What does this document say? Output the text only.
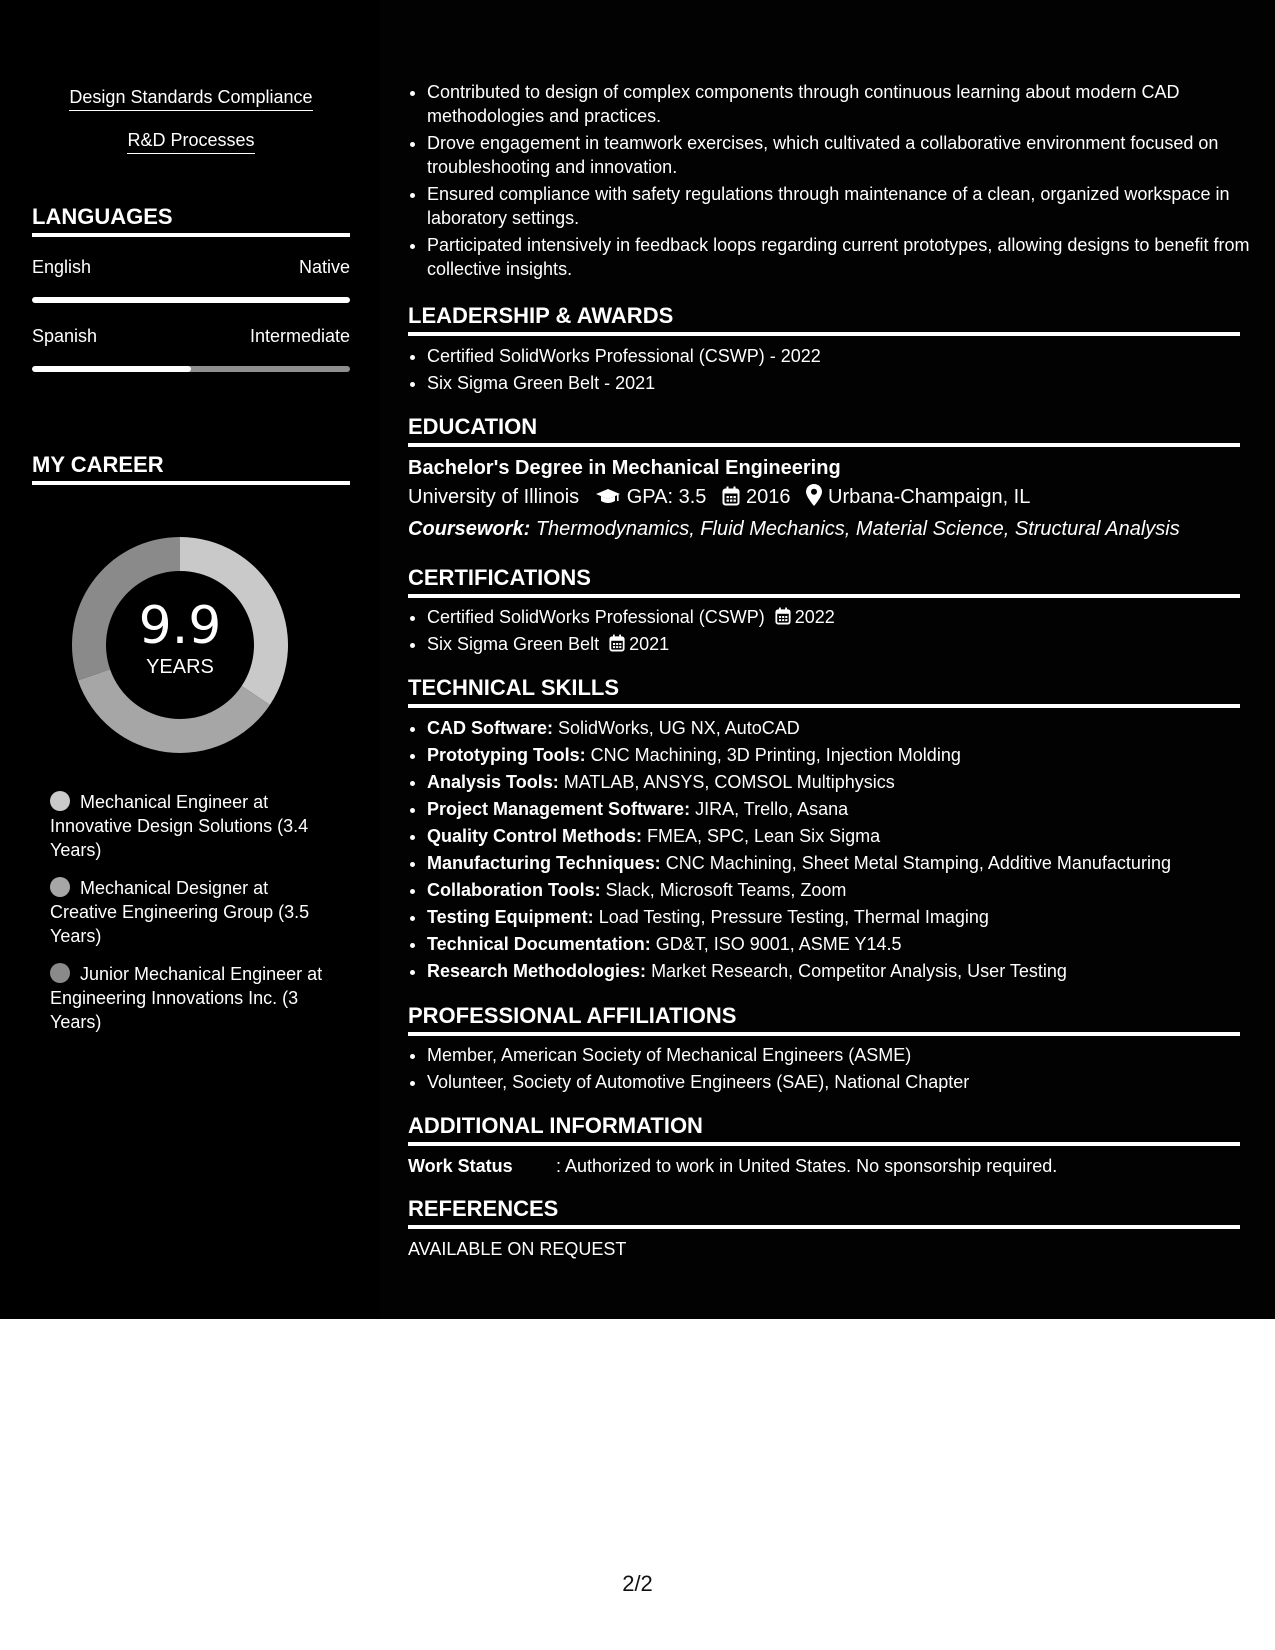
Design Standards Compliance
R&D Processes
LANGUAGES
English	Native
Spanish	Intermediate
MY CAREER
9.9
YEARS
Mechanical Engineer at Innovative Design Solutions (3.4 Years)
Mechanical Designer at Creative Engineering Group (3.5 Years)
Junior Mechanical Engineer at Engineering Innovations Inc. (3 Years)
• Contributed to design of complex components through continuous learning about modern CAD methodologies and practices.
• Drove engagement in teamwork exercises, which cultivated a collaborative environment focused on troubleshooting and innovation.
• Ensured compliance with safety regulations through maintenance of a clean, organized workspace in laboratory settings.
• Participated intensively in feedback loops regarding current prototypes, allowing designs to benefit from collective insights.
LEADERSHIP & AWARDS
• Certified SolidWorks Professional (CSWP) - 2022
• Six Sigma Green Belt - 2021
EDUCATION
Bachelor's Degree in Mechanical Engineering
University of Illinois GPA: 3.5 2016 Urbana-Champaign, IL
Coursework: Thermodynamics, Fluid Mechanics, Material Science, Structural Analysis
CERTIFICATIONS
• Certified SolidWorks Professional (CSWP) 2022
• Six Sigma Green Belt 2021
TECHNICAL SKILLS
• CAD Software: SolidWorks, UG NX, AutoCAD
• Prototyping Tools: CNC Machining, 3D Printing, Injection Molding
• Analysis Tools: MATLAB, ANSYS, COMSOL Multiphysics
• Project Management Software: JIRA, Trello, Asana
• Quality Control Methods: FMEA, SPC, Lean Six Sigma
• Manufacturing Techniques: CNC Machining, Sheet Metal Stamping, Additive Manufacturing
• Collaboration Tools: Slack, Microsoft Teams, Zoom
• Testing Equipment: Load Testing, Pressure Testing, Thermal Imaging
• Technical Documentation: GD&T, ISO 9001, ASME Y14.5
• Research Methodologies: Market Research, Competitor Analysis, User Testing
PROFESSIONAL AFFILIATIONS
• Member, American Society of Mechanical Engineers (ASME)
• Volunteer, Society of Automotive Engineers (SAE), National Chapter
ADDITIONAL INFORMATION
Work Status : Authorized to work in United States. No sponsorship required.
REFERENCES
AVAILABLE ON REQUEST
2/2
